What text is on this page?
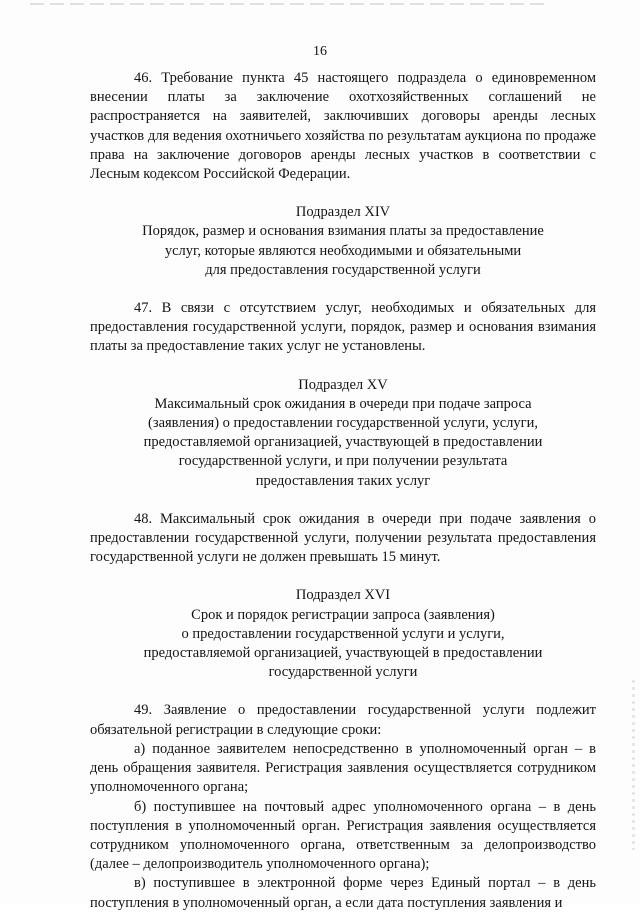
16

46. Требование пункта 45 настоящего подраздела о единовременном внесении платы за заключение охотхозяйственных соглашений не распространяется на заявителей, заключивших договоры аренды лесных участков для ведения охотничьего хозяйства по результатам аукциона по продаже права на заключение договоров аренды лесных участков в соответствии с Лесным кодексом Российской Федерации.

Подраздел XIV
Порядок, размер и основания взимания платы за предоставление
услуг, которые являются необходимыми и обязательными
для предоставления государственной услуги

47. В связи с отсутствием услуг, необходимых и обязательных для предоставления государственной услуги, порядок, размер и основания взимания платы за предоставление таких услуг не установлены.

Подраздел XV
Максимальный срок ожидания в очереди при подаче запроса
(заявления) о предоставлении государственной услуги, услуги,
предоставляемой организацией, участвующей в предоставлении
государственной услуги, и при получении результата
предоставления таких услуг

48. Максимальный срок ожидания в очереди при подаче заявления о предоставлении государственной услуги, получении результата предоставления государственной услуги не должен превышать 15 минут.

Подраздел XVI
Срок и порядок регистрации запроса (заявления)
о предоставлении государственной услуги и услуги,
предоставляемой организацией, участвующей в предоставлении
государственной услуги

49. Заявление о предоставлении государственной услуги подлежит обязательной регистрации в следующие сроки:

а) поданное заявителем непосредственно в уполномоченный орган – в день обращения заявителя. Регистрация заявления осуществляется сотрудником уполномоченного органа;

б) поступившее на почтовый адрес уполномоченного органа – в день поступления в уполномоченный орган. Регистрация заявления осуществляется сотрудником уполномоченного органа, ответственным за делопроизводство (далее – делопроизводитель уполномоченного органа);

в) поступившее в электронной форме через Единый портал – в день поступления в уполномоченный орган, а если дата поступления заявления и
